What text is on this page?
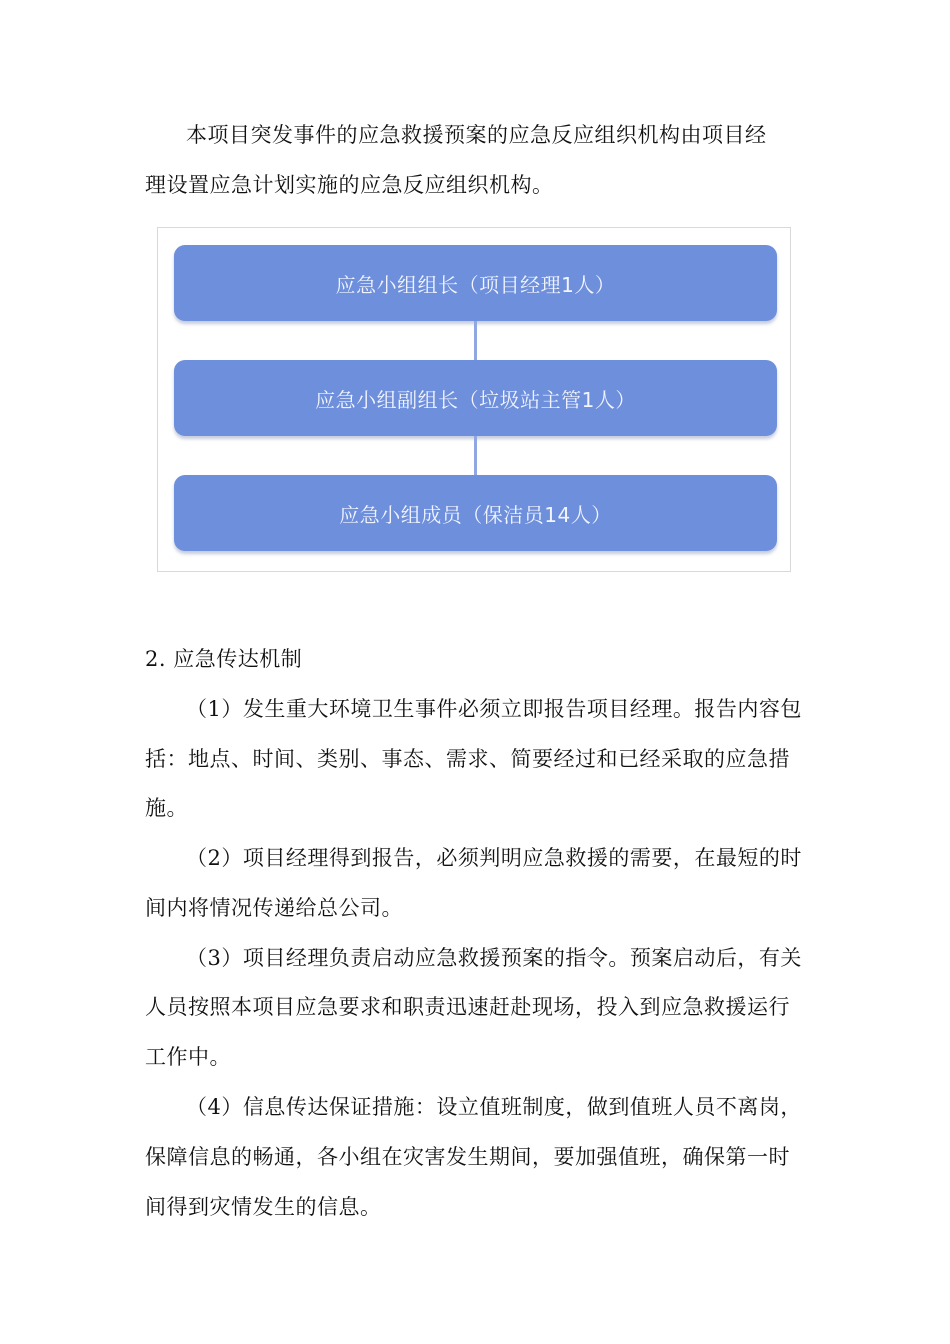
本项目突发事件的应急救援预案的应急反应组织机构由项目经
理设置应急计划实施的应急反应组织机构。
应急小组组长（项目经理1人）
应急小组副组长（垃圾站主管1人）
应急小组成员（保洁员14人）
2. 应急传达机制
（1）发生重大环境卫生事件必须立即报告项目经理。报告内容包
括：地点、时间、类别、事态、需求、简要经过和已经采取的应急措
施。
（2）项目经理得到报告，必须判明应急救援的需要，在最短的时
间内将情况传递给总公司。
（3）项目经理负责启动应急救援预案的指令。预案启动后，有关
人员按照本项目应急要求和职责迅速赶赴现场，投入到应急救援运行
工作中。
（4）信息传达保证措施：设立值班制度，做到值班人员不离岗，
保障信息的畅通，各小组在灾害发生期间，要加强值班，确保第一时
间得到灾情发生的信息。
